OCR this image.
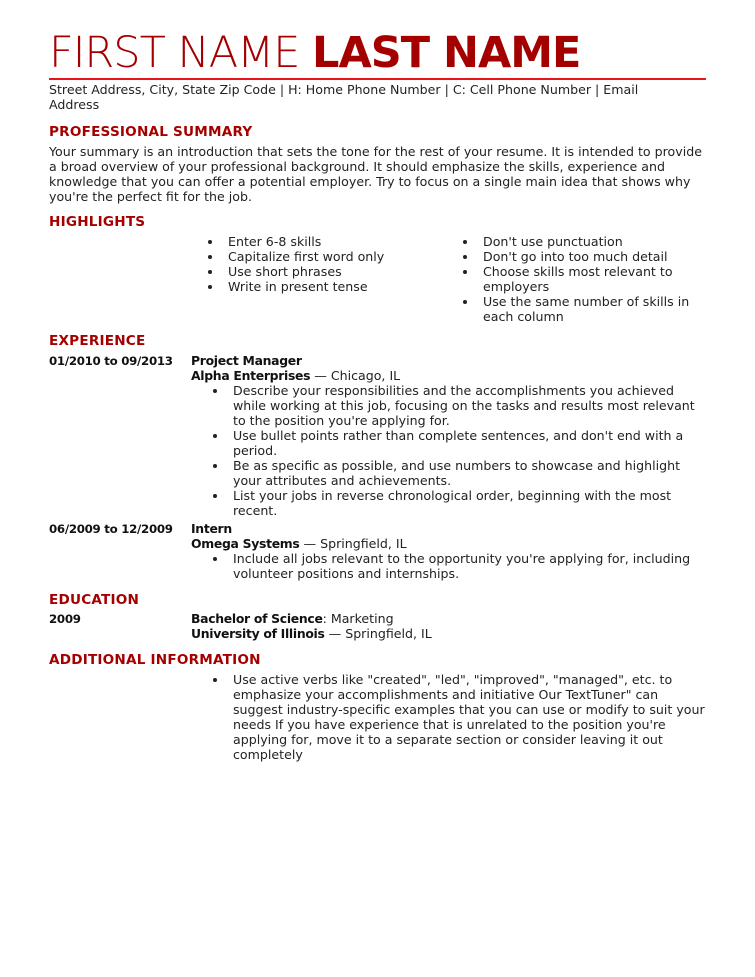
FIRST NAME LAST NAME
Street Address, City, State Zip Code | H: Home Phone Number | C: Cell Phone Number | Email Address
PROFESSIONAL SUMMARY
Your summary is an introduction that sets the tone for the rest of your resume. It is intended to provide a broad overview of your professional background. It should emphasize the skills, experience and knowledge that you can offer a potential employer. Try to focus on a single main idea that shows why you're the perfect fit for the job.
HIGHLIGHTS
Enter 6-8 skills
Capitalize first word only
Use short phrases
Write in present tense
Don't use punctuation
Don't go into too much detail
Choose skills most relevant to employers
Use the same number of skills in each column
EXPERIENCE
01/2010 to 09/2013 Project Manager
Alpha Enterprises — Chicago, IL
Describe your responsibilities and the accomplishments you achieved while working at this job, focusing on the tasks and results most relevant to the position you're applying for.
Use bullet points rather than complete sentences, and don't end with a period.
Be as specific as possible, and use numbers to showcase and highlight your attributes and achievements.
List your jobs in reverse chronological order, beginning with the most recent.
06/2009 to 12/2009 Intern
Omega Systems — Springfield, IL
Include all jobs relevant to the opportunity you're applying for, including volunteer positions and internships.
EDUCATION
2009	Bachelor of Science: Marketing
University of Illinois — Springfield, IL
ADDITIONAL INFORMATION
Use active verbs like "created", "led", "improved", "managed", etc. to emphasize your accomplishments and initiative Our TextTuner" can suggest industry-specific examples that you can use or modify to suit your needs If you have experience that is unrelated to the position you're applying for, move it to a separate section or consider leaving it out completely
